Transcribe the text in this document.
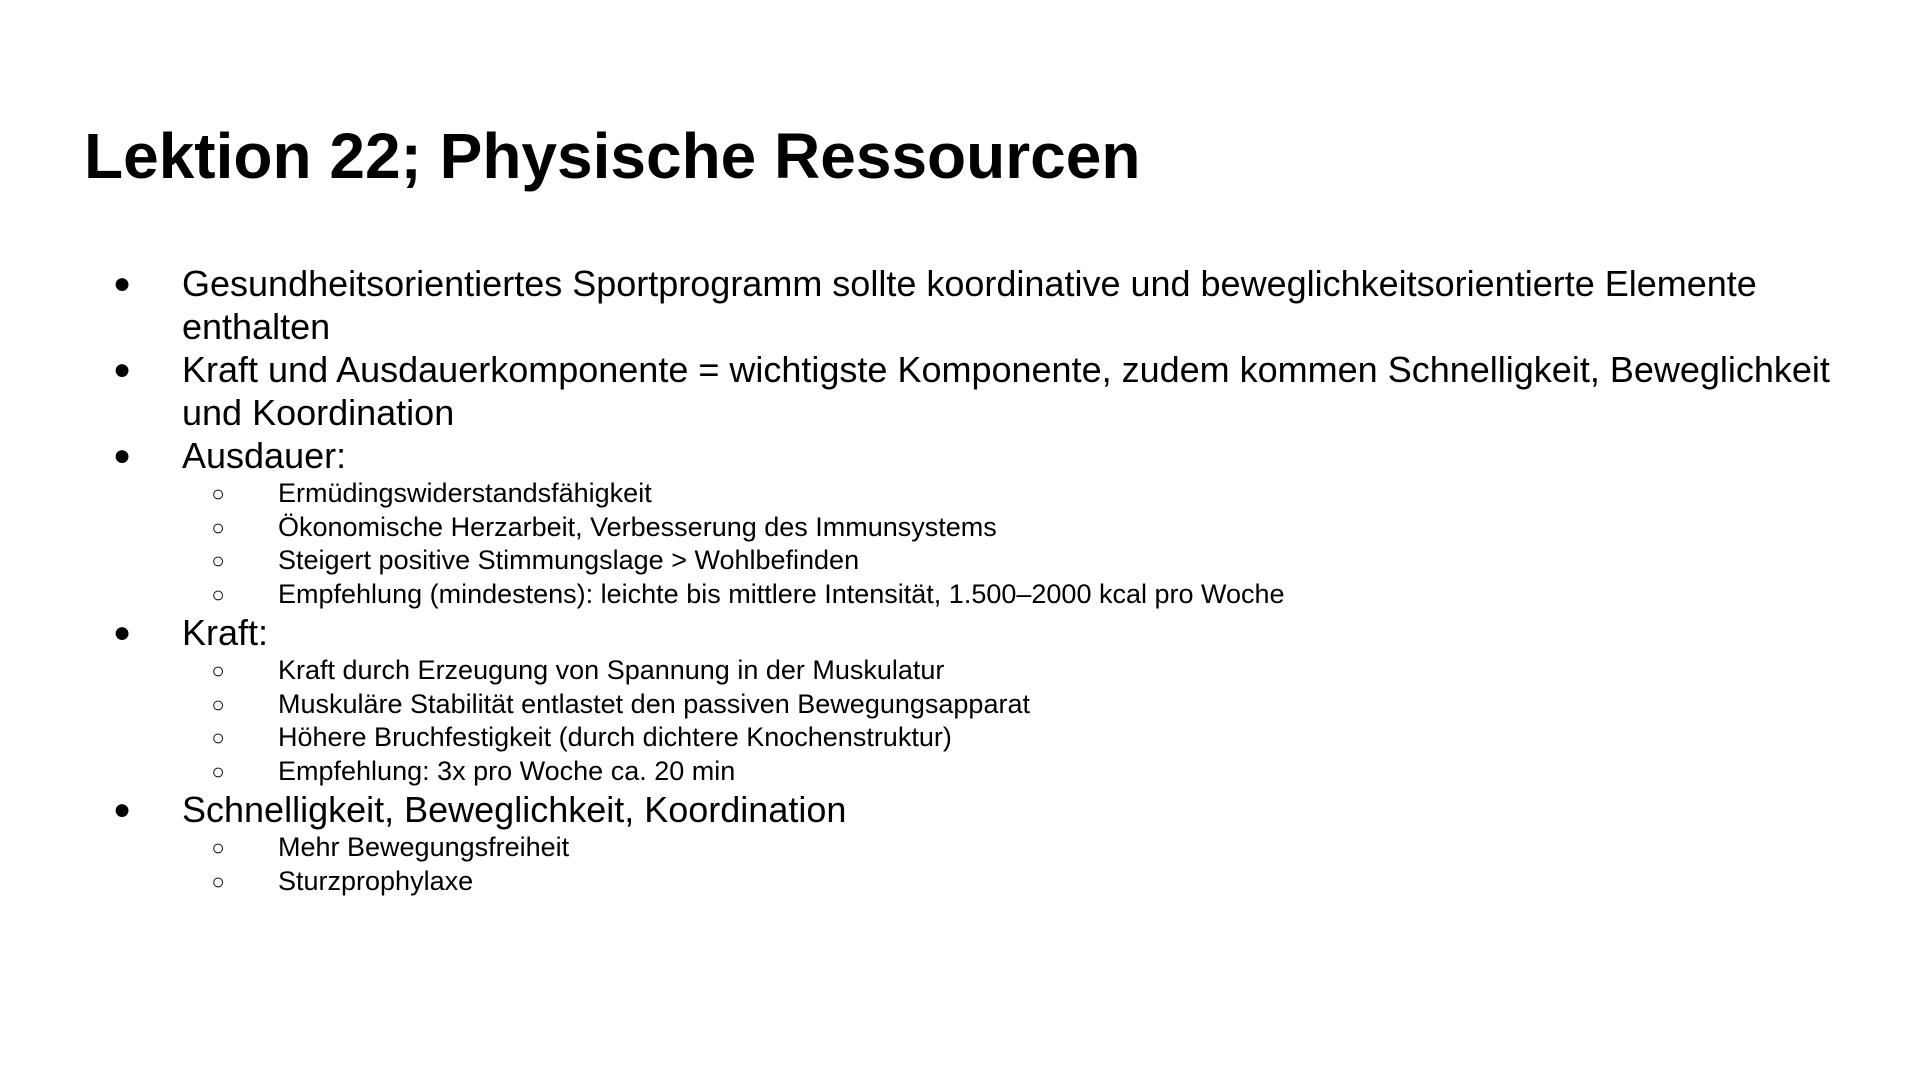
Lektion 22; Physische Ressourcen
● Gesundheitsorientiertes Sportprogramm sollte koordinative und beweglichkeitsorientierte Elemente enthalten
● Kraft und Ausdauerkomponente = wichtigste Komponente, zudem kommen Schnelligkeit, Beweglichkeit und Koordination
● Ausdauer:
○ Ermüdingswiderstandsfähigkeit
○ Ökonomische Herzarbeit, Verbesserung des Immunsystems
○ Steigert positive Stimmungslage > Wohlbefinden
○ Empfehlung (mindestens): leichte bis mittlere Intensität, 1.500–2000 kcal pro Woche
● Kraft:
○ Kraft durch Erzeugung von Spannung in der Muskulatur
○ Muskuläre Stabilität entlastet den passiven Bewegungsapparat
○ Höhere Bruchfestigkeit (durch dichtere Knochenstruktur)
○ Empfehlung: 3x pro Woche ca. 20 min
● Schnelligkeit, Beweglichkeit, Koordination
○ Mehr Bewegungsfreiheit
○ Sturzprophylaxe
